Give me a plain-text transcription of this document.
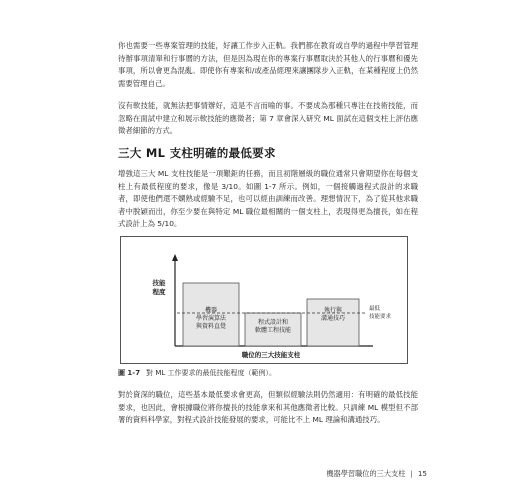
你也需要一些專案管理的技能，好讓工作步入正軌。我們都在教育或自學的過程中學習管理待辦事項清單和行事曆的方法，但是因為現在你的專案行事曆取決於其他人的行事曆和優先事項，所以會更為混亂。即使你有專案和/或產品經理來讓團隊步入正軌，在某種程度上仍然需要管理自己。

沒有軟技能，就無法把事情辦好，這是不言而喻的事。不要成為那種只專注在技術技能，而忽略在面試中建立和展示軟技能的應徵者；第 7 章會深入研究 ML 面試在這個支柱上評估應徵者細節的方式。

三大 ML 支柱明確的最低要求

增強這三大 ML 支柱技能是一項艱鉅的任務，而且初階層級的職位通常只會期望你在每個支柱上有最低程度的要求，像是 3/10。如圖 1-7 所示。例如，一個接觸過程式設計的求職者，即使他們還不嫻熟或經驗不足，也可以經由訓練而改善。理想情況下，為了從其他求職者中脫穎而出，你至少要在與特定 ML 職位最相關的一個支柱上，表現得更為擅長，如在程式設計上為 5/10。

技能
程度
機器
學習演算法
與資料直覺
程式設計和
軟體工程技能
執行與
溝通技巧
最低
技能要求
職位的三大技能支柱

圖 1-7 對 ML 工作要求的最低技能程度（範例）。

對於資深的職位，這些基本最低要求會更高，但類似經驗法則仍然適用：有明確的最低技能要求，也因此，會根據職位將你擅長的技能拿來和其他應徵者比較。只訓練 ML 模型但不部署的資料科學家，對程式設計技能發展的要求，可能比不上 ML 理論和溝通技巧。

機器學習職位的三大支柱 | 15
